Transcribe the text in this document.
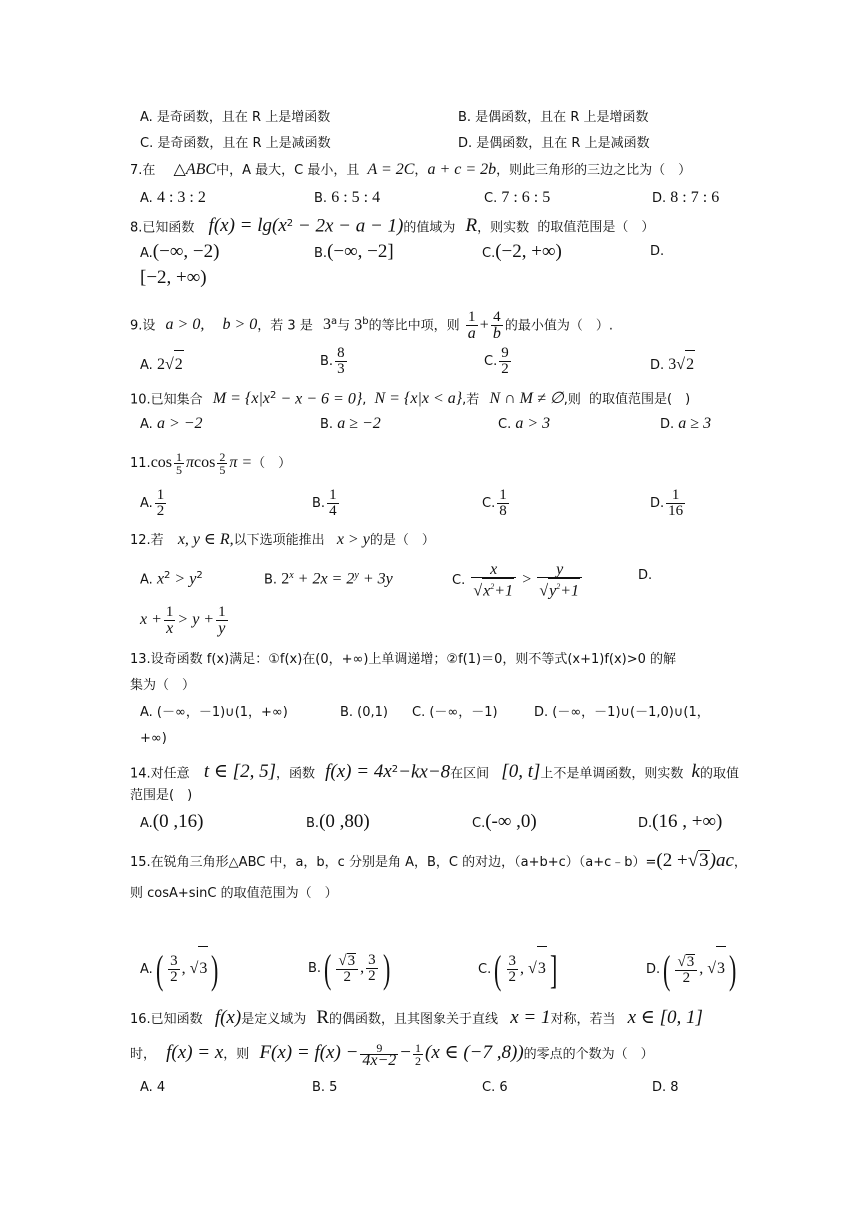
A. 是奇函数，且在 R 上是增函数	B. 是偶函数，且在 R 上是增函数
C. 是奇函数，且在 R 上是减函数	D. 是偶函数，且在 R 上是减函数
7.在 △ABC中，A 最大，C 最小，且 A = 2C，a + c = 2b，则此三角形的三边之比为（　）
A. 4 : 3 : 2	B. 6 : 5 : 4	C. 7 : 6 : 5	D. 8 : 7 : 6
8.已知函数 $f(x) = \lg(x^2 - 2x - a - 1)$的值域为 R，则实数 的取值范围是（　）
A.(−∞, −2)	B.(−∞, −2]	C.(−2, +∞)	D.
[−2, +∞)
9.设 a > 0, b > 0，若 3 是 3$^a$与 3$^b$的等比中项，则 $\frac{1}{a} + \frac{4}{b}$ 的最小值为（　）.
A. 2√2	B. $\frac{8}{3}$	C. $\frac{9}{2}$	D. 3√2
10.已知集合 $M = \{x|x^2 - x - 6 = 0\}$, N = {x|x < a},若 N ∩ M ≠ ∅,则 的取值范围是(　)
A. a > −2	B. a ≥ −2	C. a > 3	D. a ≥ 3
$11.\cos \frac{1}{5}$ πcos $\frac{2}{5}$ π =（　）
A. $\frac{1}{2}$	B. $\frac{1}{4}$	C. $\frac{1}{8}$	D. $\frac{1}{16}$
12.若 x, y ∈ R,以下选项能推出 x > y的是（　）
A. $x^2 > y^2$	B. $2^x + 2x = 2^y + 3y$	C. $\frac{x}{√x^2+1} > \frac{y}{√y^2+1}$	D.
$x + \frac{1}{x} > y + \frac{1}{y}$
13.设奇函数 f(x)满足：①f(x)在(0，+∞)上单调递增；②f(1)＝0，则不等式(x+1)f(x)>0 的解
集为（　）
A. (－∞，－1)∪(1，+∞)	B. (0,1) C. (－∞，－1)	D. (－∞，－1)∪(－1,0)∪(1，
+∞)
14.对任意 t ∈ [2, 5]，函数 $f(x) = 4x^2-kx-8$在区间 [0, t]上不是单调函数，则实数 k的取值
范围是(　)
A.(0 ,16)	B.(0 ,80)	C.(-∞ ,0)	D.(16 , +∞)
15.在锐角三角形△ABC 中，a，b，c 分别是角 A，B，C 的对边，（a+b+c）（a+c﹣b）=(2 +√3)ac，
则 cosA+sinC 的取值范围为（　）
$A.( \frac{3}{2}$ , √3)	$B.( \frac{√3}{2}$ , $\frac{3}{2}$ )	$C.( \frac{3}{2}$ , √3]	$D.( \frac{√3}{2}$ , √3)
16.已知函数 f(x)是定义域为 R的偶函数，且其图象关于直线 x = 1对称，若当 x ∈ [0, 1]
时， f(x) = x，则 $F(x) = f(x) - \frac{9}{4x-2} - \frac{1}{2} (x$ ∈ (−7 ,8))的零点的个数为（　）
A. 4	B. 5	C. 6	D. 8
